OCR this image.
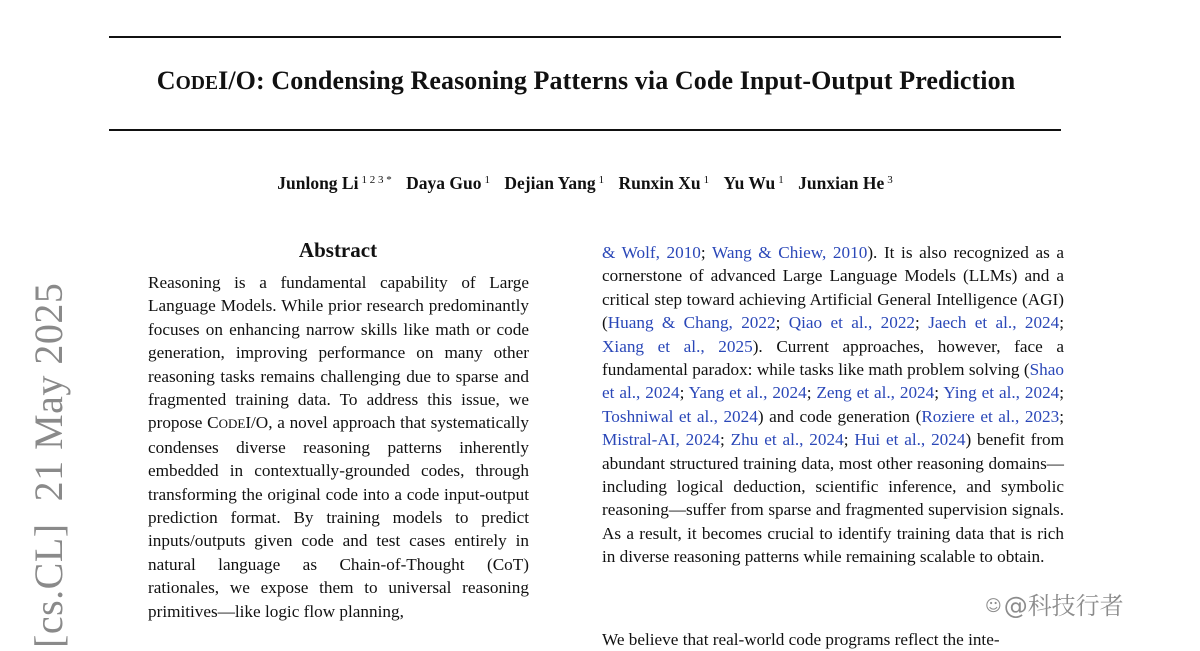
[cs.CL]21 May 2025
CODEI/O: Condensing Reasoning Patterns via Code Input-Output Prediction
Junlong Li $^{1 2 3 *}$ Daya Guo $^1$ Dejian Yang $^1$ Runxin Xu $^1$ Yu Wu $^1$ Junxian He $^3$
Abstract
Reasoning is a fundamental capability of Large Language Models. While prior research predominantly focuses on enhancing narrow skills like math or code generation, improving performance on many other reasoning tasks remains challenging due to sparse and fragmented training data. To address this issue, we propose CODEI/O, a novel approach that systematically condenses diverse reasoning patterns inherently embedded in contextually-grounded codes, through transforming the original code into a code input-output prediction format. By training models to predict inputs/outputs given code and test cases entirely in natural language as Chain-of-Thought (CoT) rationales, we expose them to universal reasoning primitives—like logic flow planning,
& Wolf, 2010; Wang & Chiew, 2010). It is also recognized as a cornerstone of advanced Large Language Models (LLMs) and a critical step toward achieving Artificial General Intelligence (AGI) (Huang & Chang, 2022; Qiao et al., 2022; Jaech et al., 2024; Xiang et al., 2025). Current approaches, however, face a fundamental paradox: while tasks like math problem solving (Shao et al., 2024; Yang et al., 2024; Zeng et al., 2024; Ying et al., 2024; Toshniwal et al., 2024) and code generation (Roziere et al., 2023; Mistral-AI, 2024; Zhu et al., 2024; Hui et al., 2024) benefit from abundant structured training data, most other reasoning domains—including logical deduction, scientific inference, and symbolic reasoning—suffer from sparse and fragmented supervision signals. As a result, it becomes crucial to identify training data that is rich in diverse reasoning patterns while remaining scalable to obtain.
We believe that real-world code programs reflect the inte-
☺@科技行者
